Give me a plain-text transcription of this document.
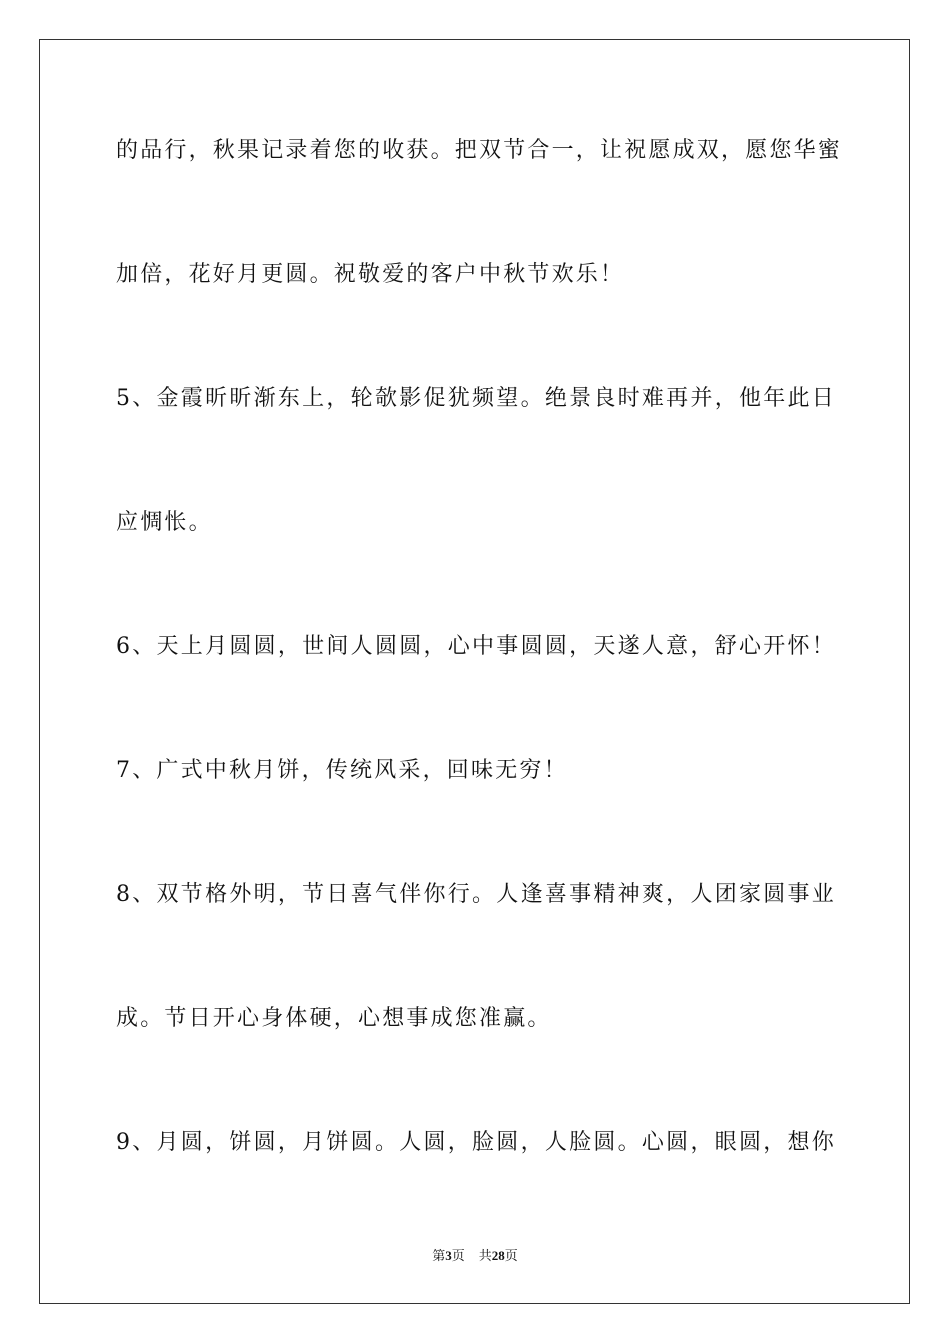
的品行，秋果记录着您的收获。把双节合一，让祝愿成双，愿您华蜜
加倍，花好月更圆。祝敬爱的客户中秋节欢乐！
5、金霞昕昕渐东上，轮欹影促犹频望。绝景良时难再并，他年此日
应惆怅。
6、天上月圆圆，世间人圆圆，心中事圆圆，天遂人意，舒心开怀！
7、广式中秋月饼，传统风采，回味无穷！
8、双节格外明，节日喜气伴你行。人逢喜事精神爽，人团家圆事业
成。节日开心身体硬，心想事成您准赢。
9、月圆，饼圆，月饼圆。人圆，脸圆，人脸圆。心圆，眼圆，想你
第3页 共28页
